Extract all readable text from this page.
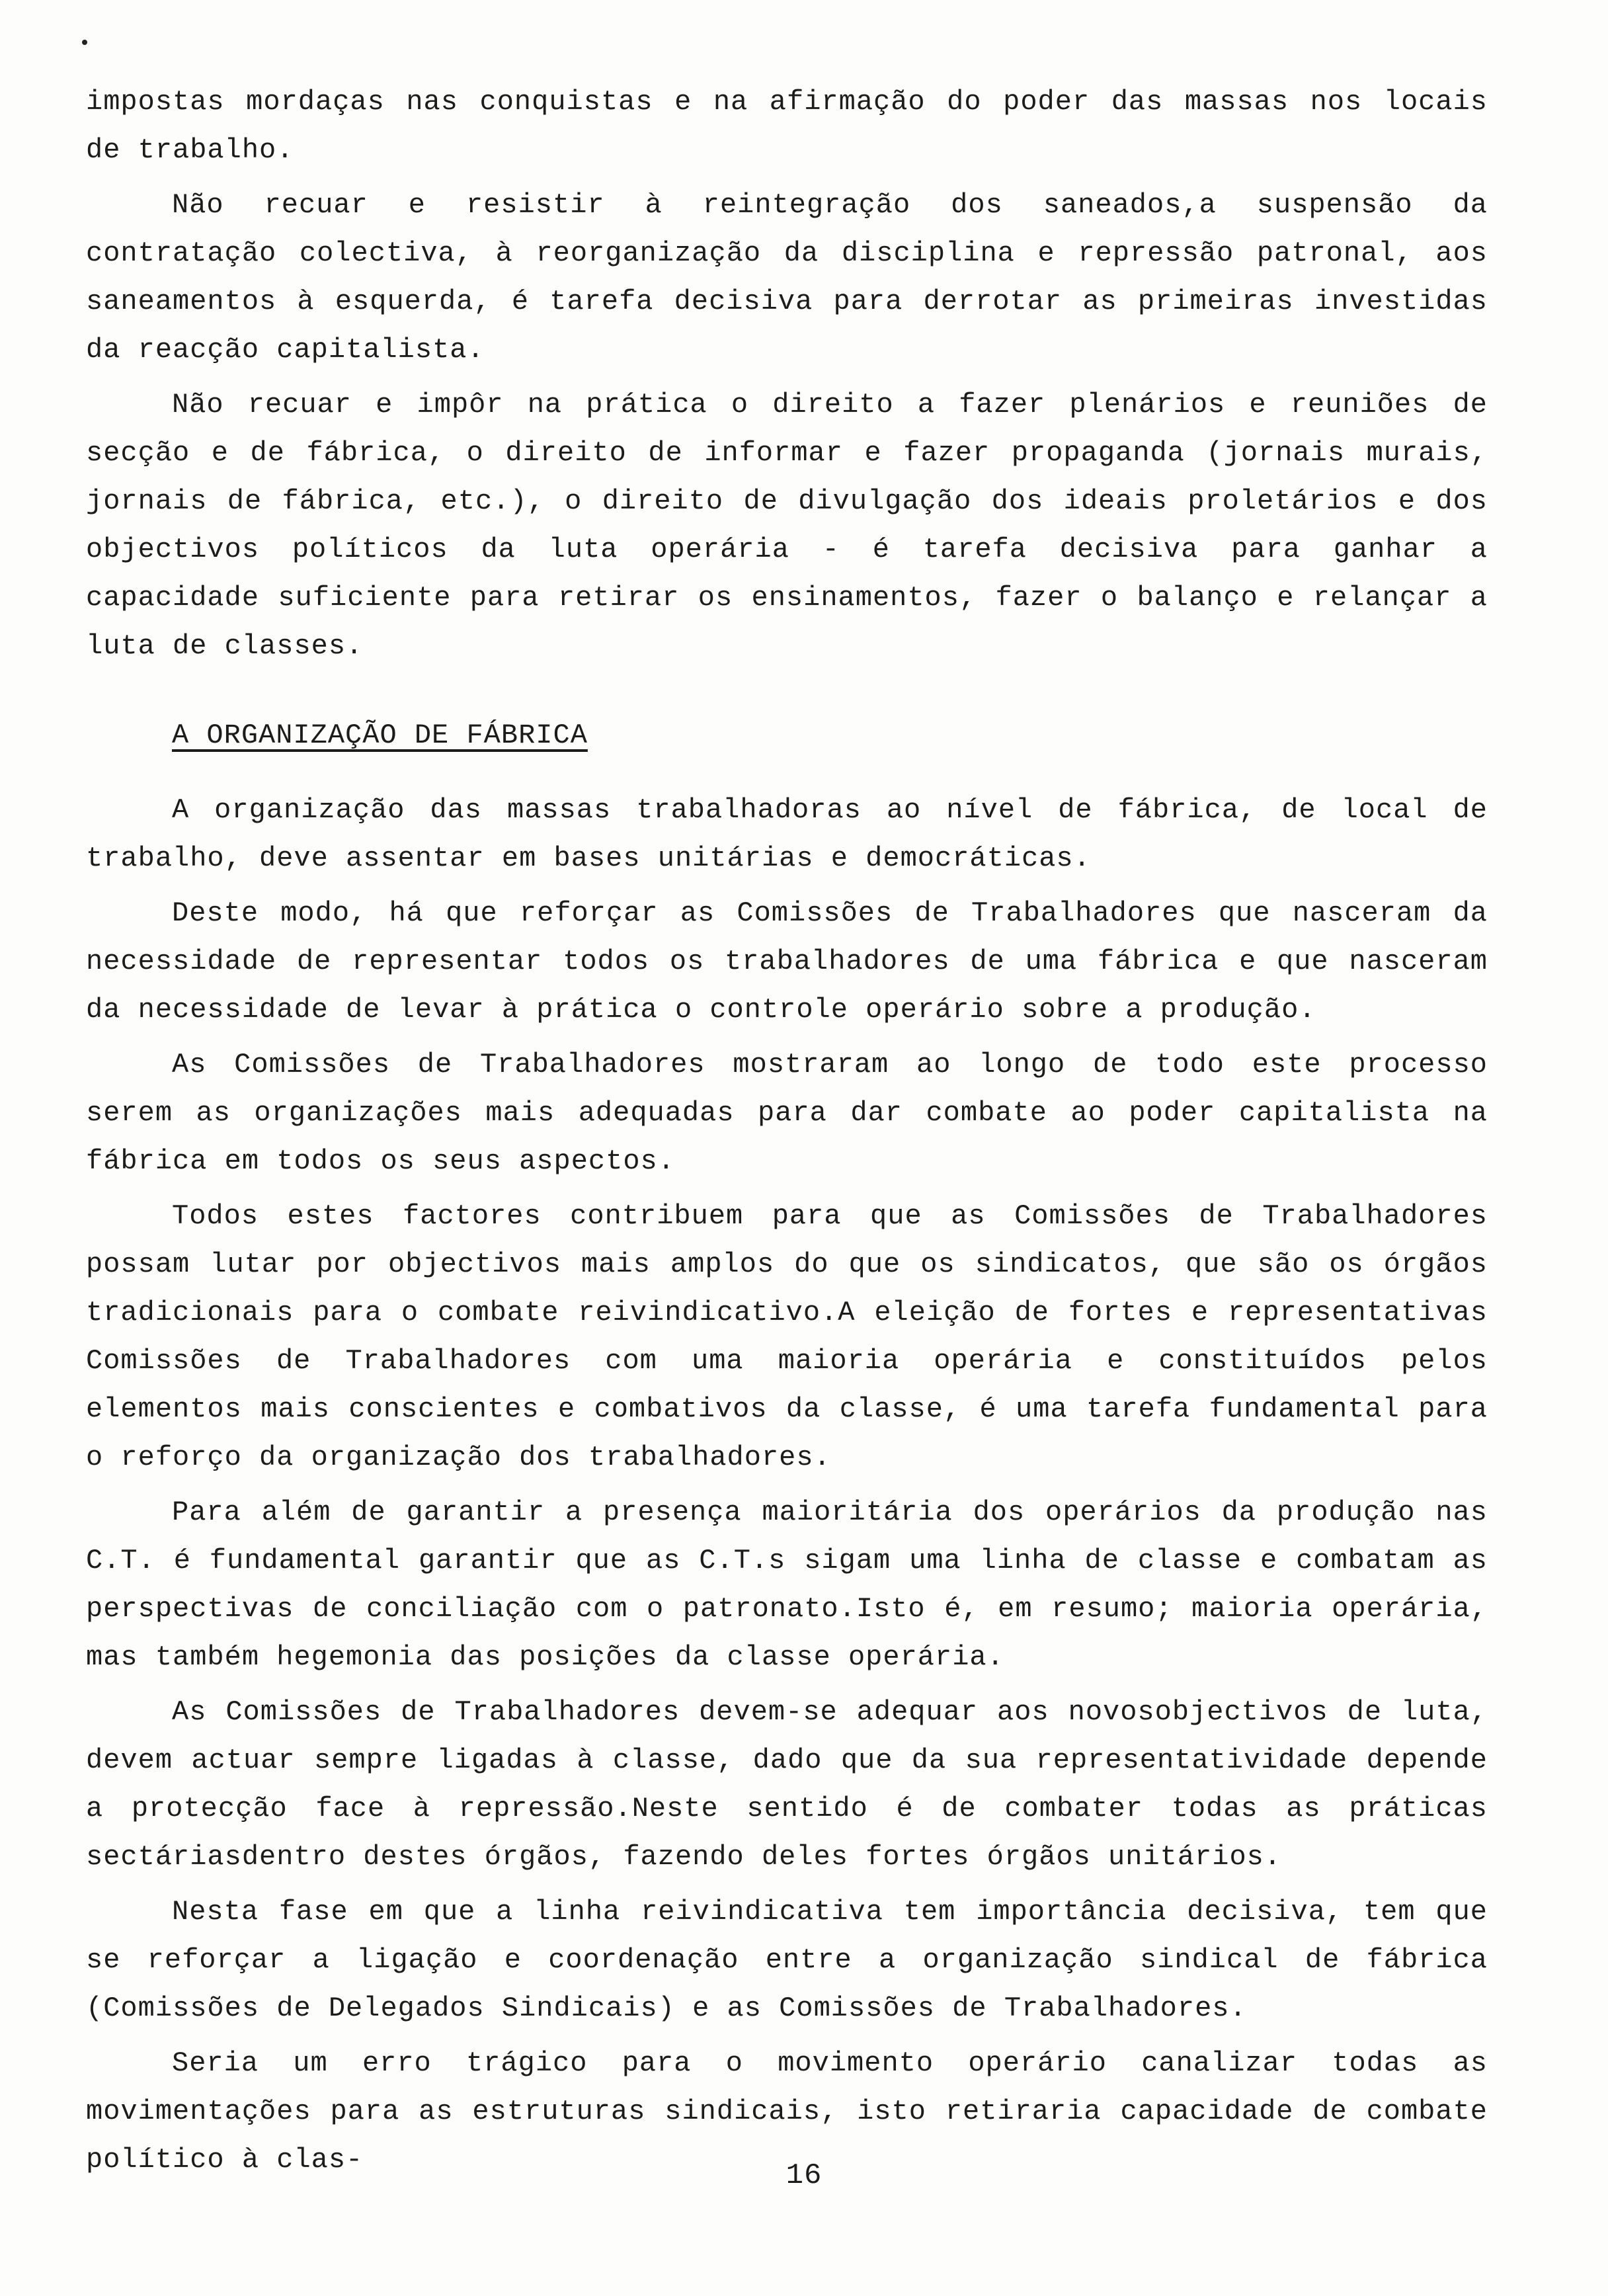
impostas mordaças nas conquistas e na afirmação do poder das massas nos locais de trabalho.

Não recuar e resistir à reintegração dos saneados,a suspensão da contratação colectiva, à reorganização da disciplina e repressão patronal, aos saneamentos à esquerda, é tarefa decisiva para derrotar as primeiras investidas da reacção capitalista.

Não recuar e impôr na prática o direito a fazer plenários e reuniões de secção e de fábrica, o direito de informar e fazer propaganda (jornais murais, jornais de fábrica, etc.), o direito de divulgação dos ideais proletários e dos objectivos políticos da luta operária - é tarefa decisiva para ganhar a capacidade suficiente para retirar os ensinamentos, fazer o balanço e relançar a luta de classes.

A ORGANIZAÇÃO DE FÁBRICA

A organização das massas trabalhadoras ao nível de fábrica, de local de trabalho, deve assentar em bases unitárias e democráticas.

Deste modo, há que reforçar as Comissões de Trabalhadores que nasceram da necessidade de representar todos os trabalhadores de uma fábrica e que nasceram da necessidade de levar à prática o controle operário sobre a produção.

As Comissões de Trabalhadores mostraram ao longo de todo este processo serem as organizações mais adequadas para dar combate ao poder capitalista na fábrica em todos os seus aspectos.

Todos estes factores contribuem para que as Comissões de Trabalhadores possam lutar por objectivos mais amplos do que os sindicatos, que são os órgãos tradicionais para o combate reivindicativo.A eleição de fortes e representativas Comissões de Trabalhadores com uma maioria operária e constituídos pelos elementos mais conscientes e combativos da classe, é uma tarefa fundamental para o reforço da organização dos trabalhadores.

Para além de garantir a presença maioritária dos operários da produção nas C.T. é fundamental garantir que as C.T.s sigam uma linha de classe e combatam as perspectivas de conciliação com o patronato.Isto é, em resumo; maioria operária, mas também hegemonia das posições da classe operária.

As Comissões de Trabalhadores devem-se adequar aos novosobjectivos de luta, devem actuar sempre ligadas à classe, dado que da sua representatividade depende a protecção face à repressão.Neste sentido é de combater todas as práticas sectáriasdentro destes órgãos, fazendo deles fortes órgãos unitários.

Nesta fase em que a linha reivindicativa tem importância decisiva, tem que se reforçar a ligação e coordenação entre a organização sindical de fábrica (Comissões de Delegados Sindicais) e as Comissões de Trabalhadores.

Seria um erro trágico para o movimento operário canalizar todas as movimentações para as estruturas sindicais, isto retiraria capacidade de combate político à clas-	16
